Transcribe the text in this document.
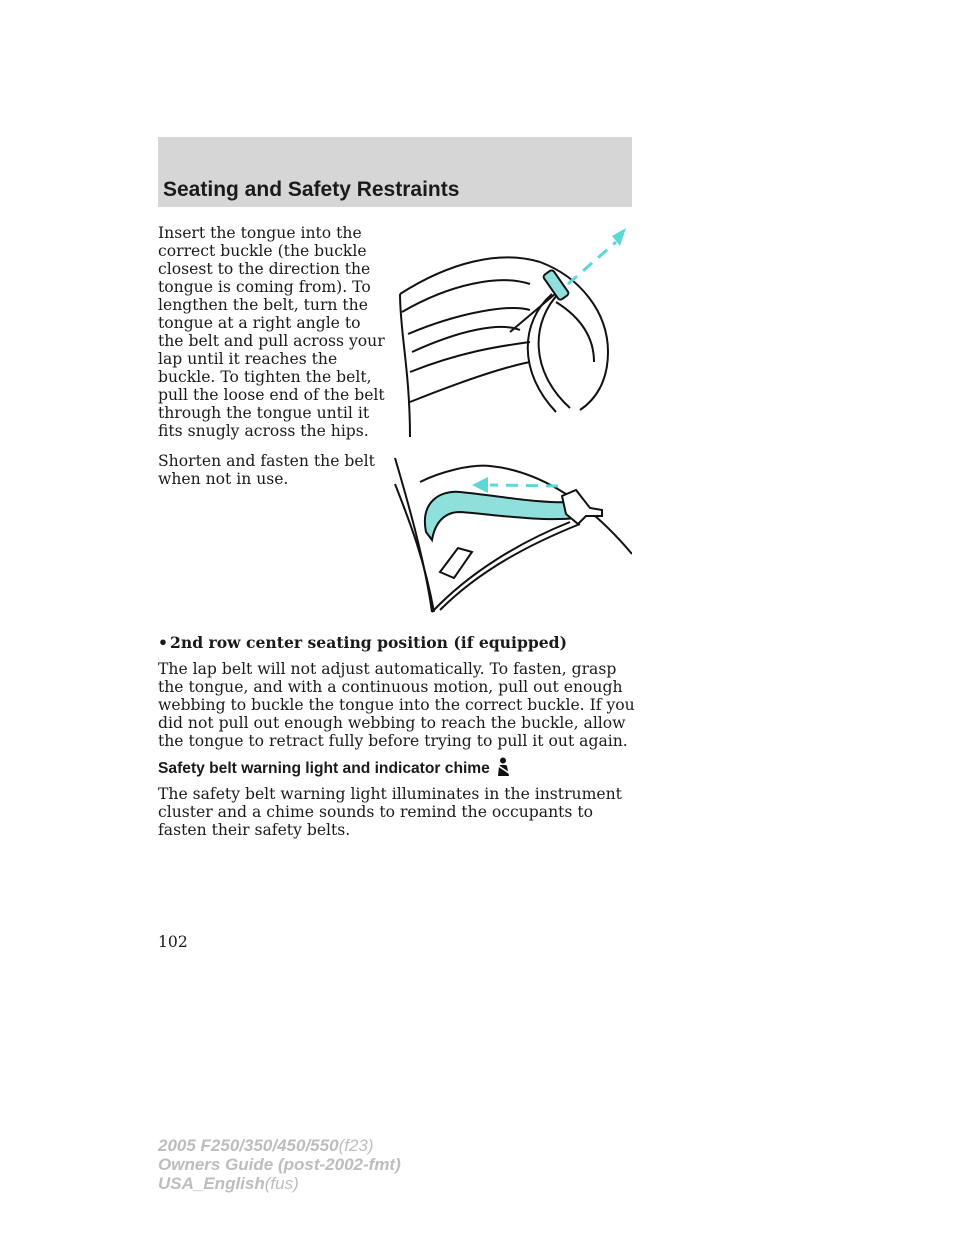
Seating and Safety Restraints
Insert the tongue into the correct buckle (the buckle closest to the direction the tongue is coming from). To lengthen the belt, turn the tongue at a right angle to the belt and pull across your lap until it reaches the buckle. To tighten the belt, pull the loose end of the belt through the tongue until it fits snugly across the hips.
Shorten and fasten the belt when not in use.
• 2nd row center seating position (if equipped)
The lap belt will not adjust automatically. To fasten, grasp the tongue, and with a continuous motion, pull out enough webbing to buckle the tongue into the correct buckle. If you did not pull out enough webbing to reach the buckle, allow the tongue to retract fully before trying to pull it out again.
Safety belt warning light and indicator chime
The safety belt warning light illuminates in the instrument cluster and a chime sounds to remind the occupants to fasten their safety belts.
102
2005 F250/350/450/550(f23)
Owners Guide (post-2002-fmt)
USA_English(fus)
